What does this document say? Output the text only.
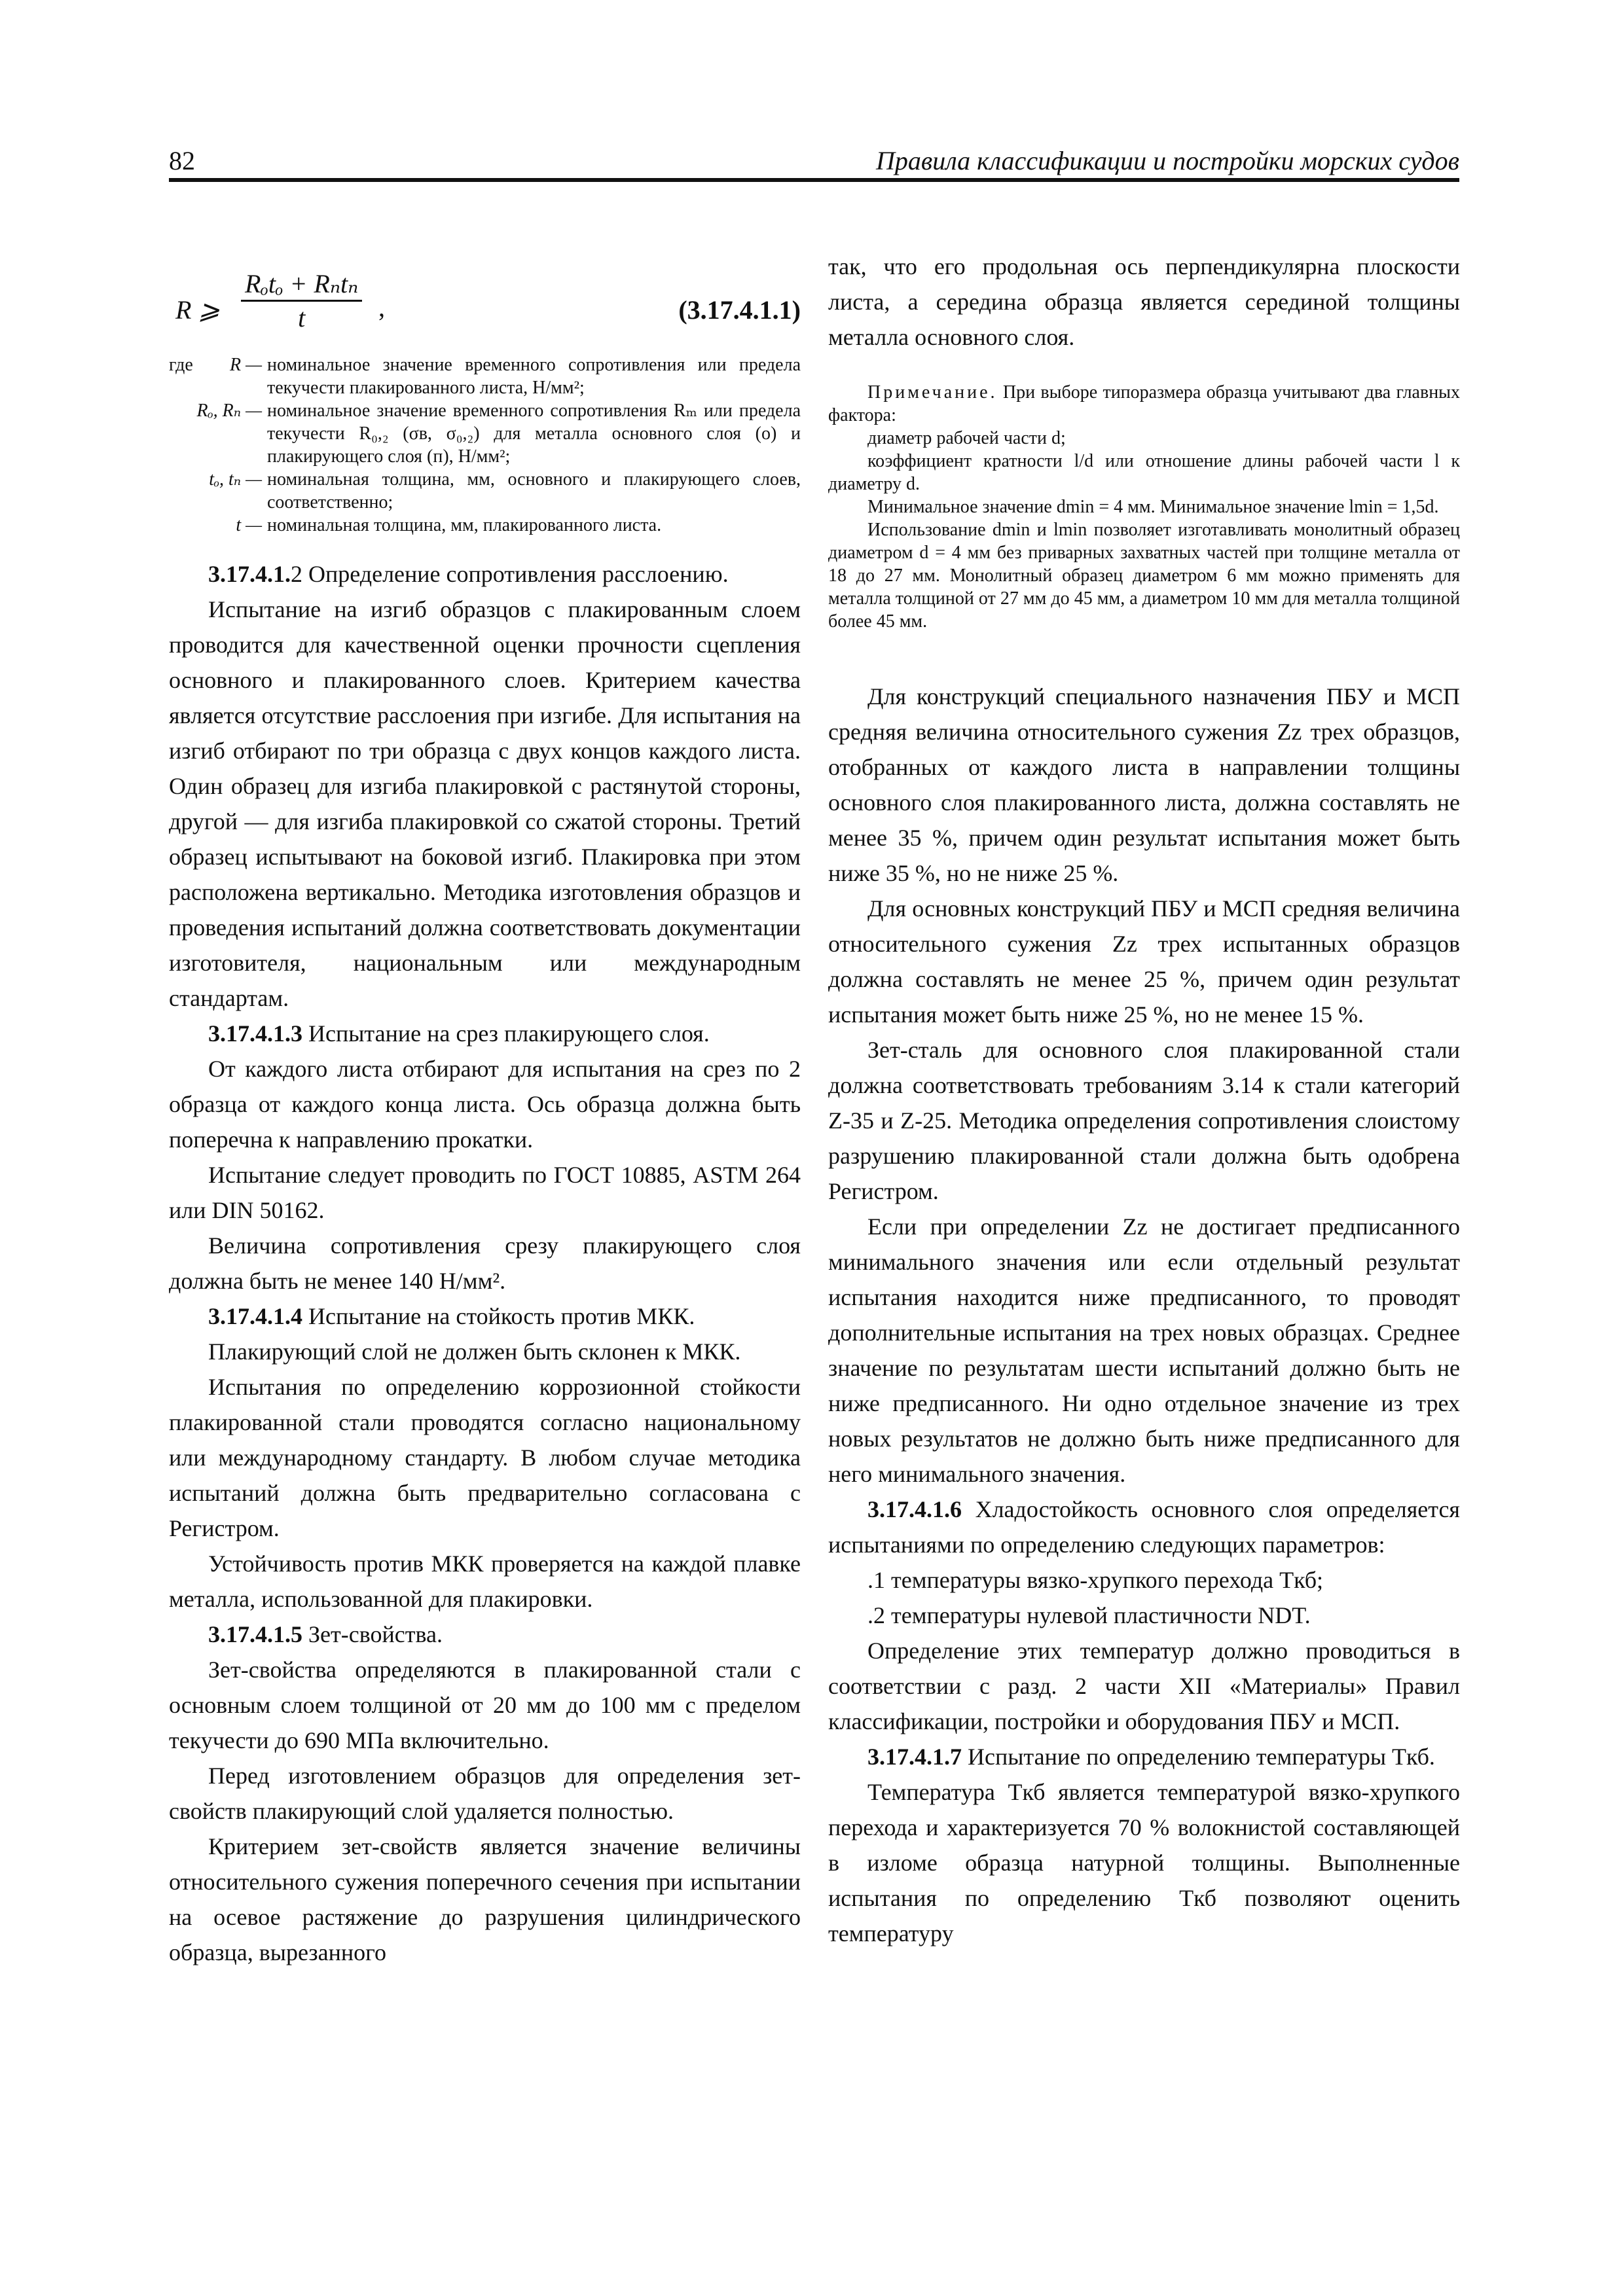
82	Правила классификации и постройки морских судов
R ⩾
Rₒtₒ + Rₙtₙ
t	,	(3.17.4.1.1)
где R — номинальное значение временного сопротивления или предела текучести плакированного листа, Н/мм²;
Rₒ, Rₙ — номинальное значение временного сопротивления Rₘ или предела текучести R₀,₂ (σв, σ₀,₂) для металла основного слоя (о) и плакирующего слоя (п), Н/мм²;
tₒ, tₙ — номинальная толщина, мм, основного и плакирующего слоев, соответственно;
t — номинальная толщина, мм, плакированного листа.

3.17.4.1.2 Определение сопротивления расслоению.

Испытание на изгиб образцов с плакированным слоем проводится для качественной оценки прочности сцепления основного и плакированного слоев. Критерием качества является отсутствие расслоения при изгибе. Для испытания на изгиб отбирают по три образца с двух концов каждого листа. Один образец для изгиба плакировкой с растянутой стороны, другой — для изгиба плакировкой со сжатой стороны. Третий образец испытывают на боковой изгиб. Плакировка при этом расположена вертикально. Методика изготовления образцов и проведения испытаний должна соответствовать документации изготовителя, национальным или международным стандартам.

3.17.4.1.3 Испытание на срез плакирующего слоя.

От каждого листа отбирают для испытания на срез по 2 образца от каждого конца листа. Ось образца должна быть поперечна к направлению прокатки.

Испытание следует проводить по ГОСТ 10885, ASTM 264 или DIN 50162.

Величина сопротивления срезу плакирующего слоя должна быть не менее 140 Н/мм².

3.17.4.1.4 Испытание на стойкость против МКК.

Плакирующий слой не должен быть склонен к МКК.

Испытания по определению коррозионной стойкости плакированной стали проводятся согласно национальному или международному стандарту. В любом случае методика испытаний должна быть предварительно согласована с Регистром.

Устойчивость против МКК проверяется на каждой плавке металла, использованной для плакировки.

3.17.4.1.5 Зет-свойства.

Зет-свойства определяются в плакированной стали с основным слоем толщиной от 20 мм до 100 мм с пределом текучести до 690 МПа включительно.

Перед изготовлением образцов для определения зет-свойств плакирующий слой удаляется полностью.

Критерием зет-свойств является значение величины относительного сужения поперечного сечения при испытании на осевое растяжение до разрушения цилиндрического образца, вырезанного

так, что его продольная ось перпендикулярна плоскости листа, а середина образца является серединой толщины металла основного слоя.

Примечание. При выборе типоразмера образца учитывают два главных фактора:
диаметр рабочей части d;
коэффициент кратности l/d или отношение длины рабочей части l к диаметру d.
Минимальное значение dmin = 4 мм. Минимальное значение lmin = 1,5d.
Использование dmin и lmin позволяет изготавливать монолитный образец диаметром d = 4 мм без приварных захватных частей при толщине металла от 18 до 27 мм. Монолитный образец диаметром 6 мм можно применять для металла толщиной от 27 мм до 45 мм, а диаметром 10 мм для металла толщиной более 45 мм.

Для конструкций специального назначения ПБУ и МСП средняя величина относительного сужения Zz трех образцов, отобранных от каждого листа в направлении толщины основного слоя плакированного листа, должна составлять не менее 35 %, причем один результат испытания может быть ниже 35 %, но не ниже 25 %.

Для основных конструкций ПБУ и МСП средняя величина относительного сужения Zz трех испытанных образцов должна составлять не менее 25 %, причем один результат испытания может быть ниже 25 %, но не менее 15 %.

Зет-сталь для основного слоя плакированной стали должна соответствовать требованиям 3.14 к стали категорий Z-35 и Z-25. Методика определения сопротивления слоистому разрушению плакированной стали должна быть одобрена Регистром.

Если при определении Zz не достигает предписанного минимального значения или если отдельный результат испытания находится ниже предписанного, то проводят дополнительные испытания на трех новых образцах. Среднее значение по результатам шести испытаний должно быть не ниже предписанного. Ни одно отдельное значение из трех новых результатов не должно быть ниже предписанного для него минимального значения.

3.17.4.1.6 Хладостойкость основного слоя определяется испытаниями по определению следующих параметров:

.1 температуры вязко-хрупкого перехода Tкб;

.2 температуры нулевой пластичности NDT.

Определение этих температур должно проводиться в соответствии с разд. 2 части XII «Материалы» Правил классификации, постройки и оборудования ПБУ и МСП.

3.17.4.1.7 Испытание по определению температуры Tкб.

Температура Tкб является температурой вязко-хрупкого перехода и характеризуется 70 % волокнистой составляющей в изломе образца натурной толщины. Выполненные испытания по определению Tкб позволяют оценить температуру
